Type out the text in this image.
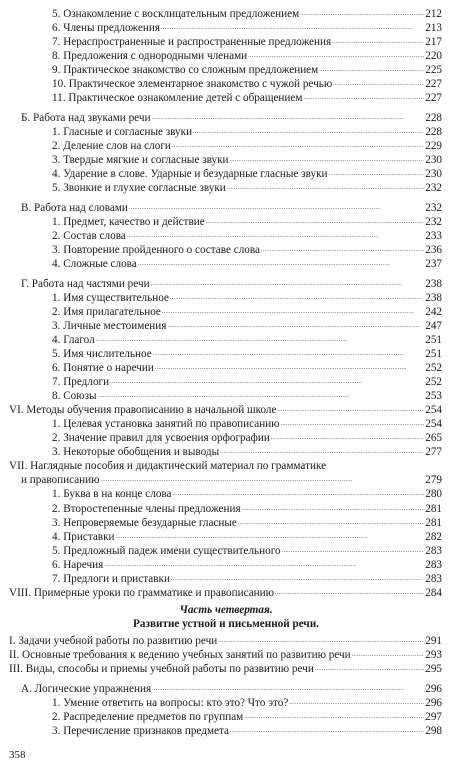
5. Ознакомление с восклицательным предложением . . .	212
6. Члены предложения . . .	213
7. Нераспространенные и распространенные предложения . . .	217
8. Предложения с однородными членами . . .	220
9. Практическое знакомство со сложным предложением . . .	225
10. Практическое элементарное знакомство с чужой речью . . .	227
11. Практическое ознакомление детей с обращением . . .	227
Б. Работа над звуками речи . . .	228
1. Гласные и согласные звуки . . .	228
2. Деление слов на слоги . . .	229
3. Твердые мягкие и согласные звуки . . .	230
4. Ударение в слове. Ударные и безударные гласные звуки . . .	230
5. Звонкие и глухие согласные звуки . . .	232
В. Работа над словами . . .	232
1. Предмет, качество и действие . . .	232
2. Состав слова . . .	233
3. Повторение пройденного о составе слова . . .	236
4. Сложные слова . . .	237
Г. Работа над частями речи . . .	238
1. Имя существительное . . .	238
2. Имя прилагательное . . .	242
3. Личные местоимения . . .	247
4. Глагол . . .	251
5. Имя числительное . . .	251
6. Понятие о наречии . . .	252
7. Предлоги . . .	252
8. Союзы . . .	253
VI. Методы обучения правописанию в начальной школе . . .	254
1. Целевая установка занятий по правописанию . . .	254
2. Значение правил для усвоения орфографии . . .	265
3. Некоторые обобщения и выводы . . .	277
VII. Наглядные пособия и дидактический материал по грамматике
и правописанию . . .	279
1. Буква в на конце слова . . .	280
2. Второстепенные члены предложения . . .	281
3. Непроверяемые безударные гласные . . .	281
4. Приставки . . .	282
5. Предложный падеж имени существительного . . .	283
6. Наречия . . .	283
7. Предлоги и приставки . . .	283
VIII. Примерные уроки по грамматике и правописанию . . .	284
Часть четвертая.
Развитие устной и письменной речи.
I. Задачи учебной работы по развитию речи . . .	291
II. Основные требования к ведению учебных занятий по развитию речи . . .	293
III. Виды, способы и приемы учебной работы по развитию речи . . .	295
А. Логические упражнения . . .	296
1. Умение ответить на вопросы: кто это? Что это? . . .	296
2. Распределение предметов по группам . . .	297
3. Перечисление признаков предмета . . .	298
358
